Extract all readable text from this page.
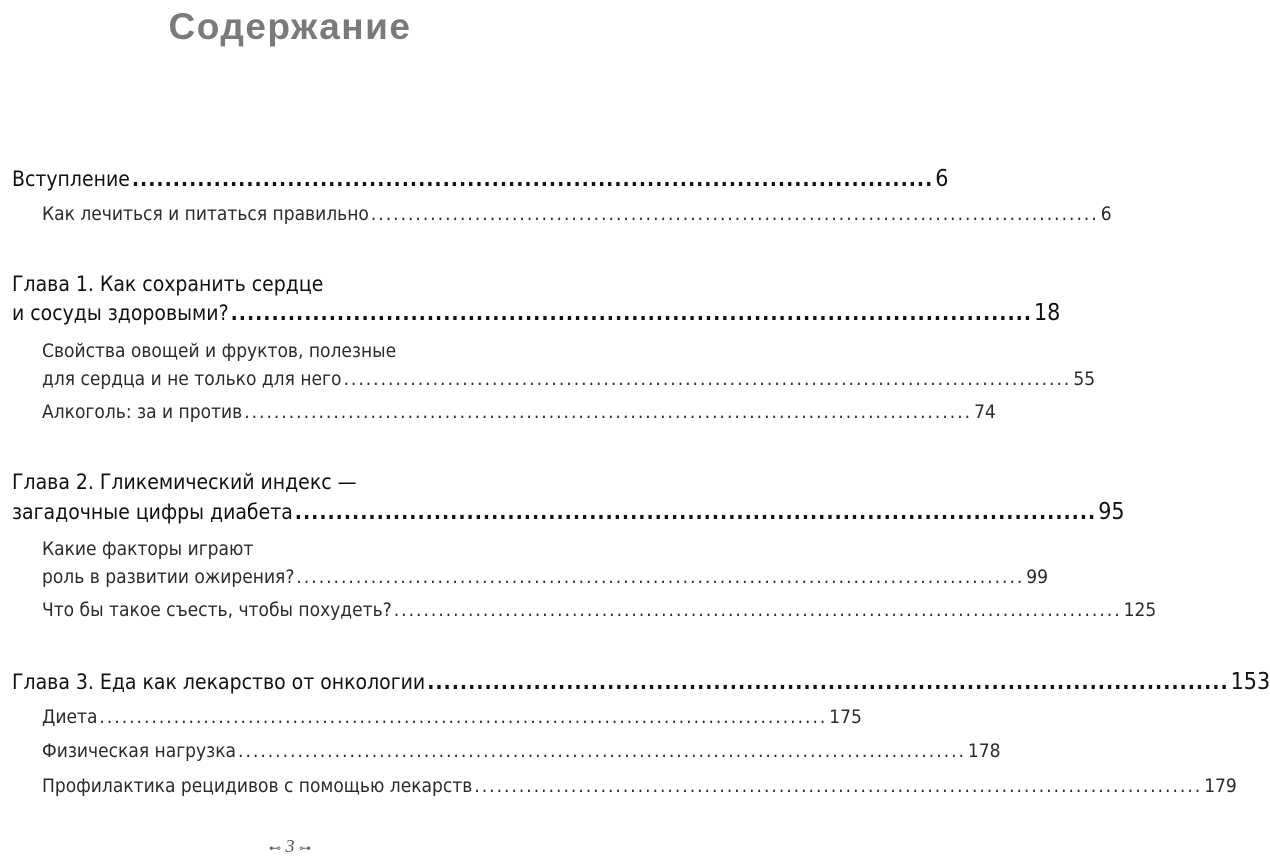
Содержание
Вступление .................................................................................................. 6
Как лечиться и питаться правильно .................................................................................................. 6
Глава 1. Как сохранить сердце
и сосуды здоровыми? .................................................................................................. 18
Свойства овощей и фруктов, полезные
для сердца и не только для него .................................................................................................. 55
Алкоголь: за и против .................................................................................................. 74
Глава 2. Гликемический индекс —
загадочные цифры диабета .................................................................................................. 95
Какие факторы играют
роль в развитии ожирения? .................................................................................................. 99
Что бы такое съесть, чтобы похудеть? .................................................................................................. 125
Глава 3. Еда как лекарство от онкологии .................................................................................................. 153
Диета .................................................................................................. 175
Физическая нагрузка .................................................................................................. 178
Профилактика рецидивов с помощью лекарств .................................................................................................. 179
⊷ 3 ⊶
